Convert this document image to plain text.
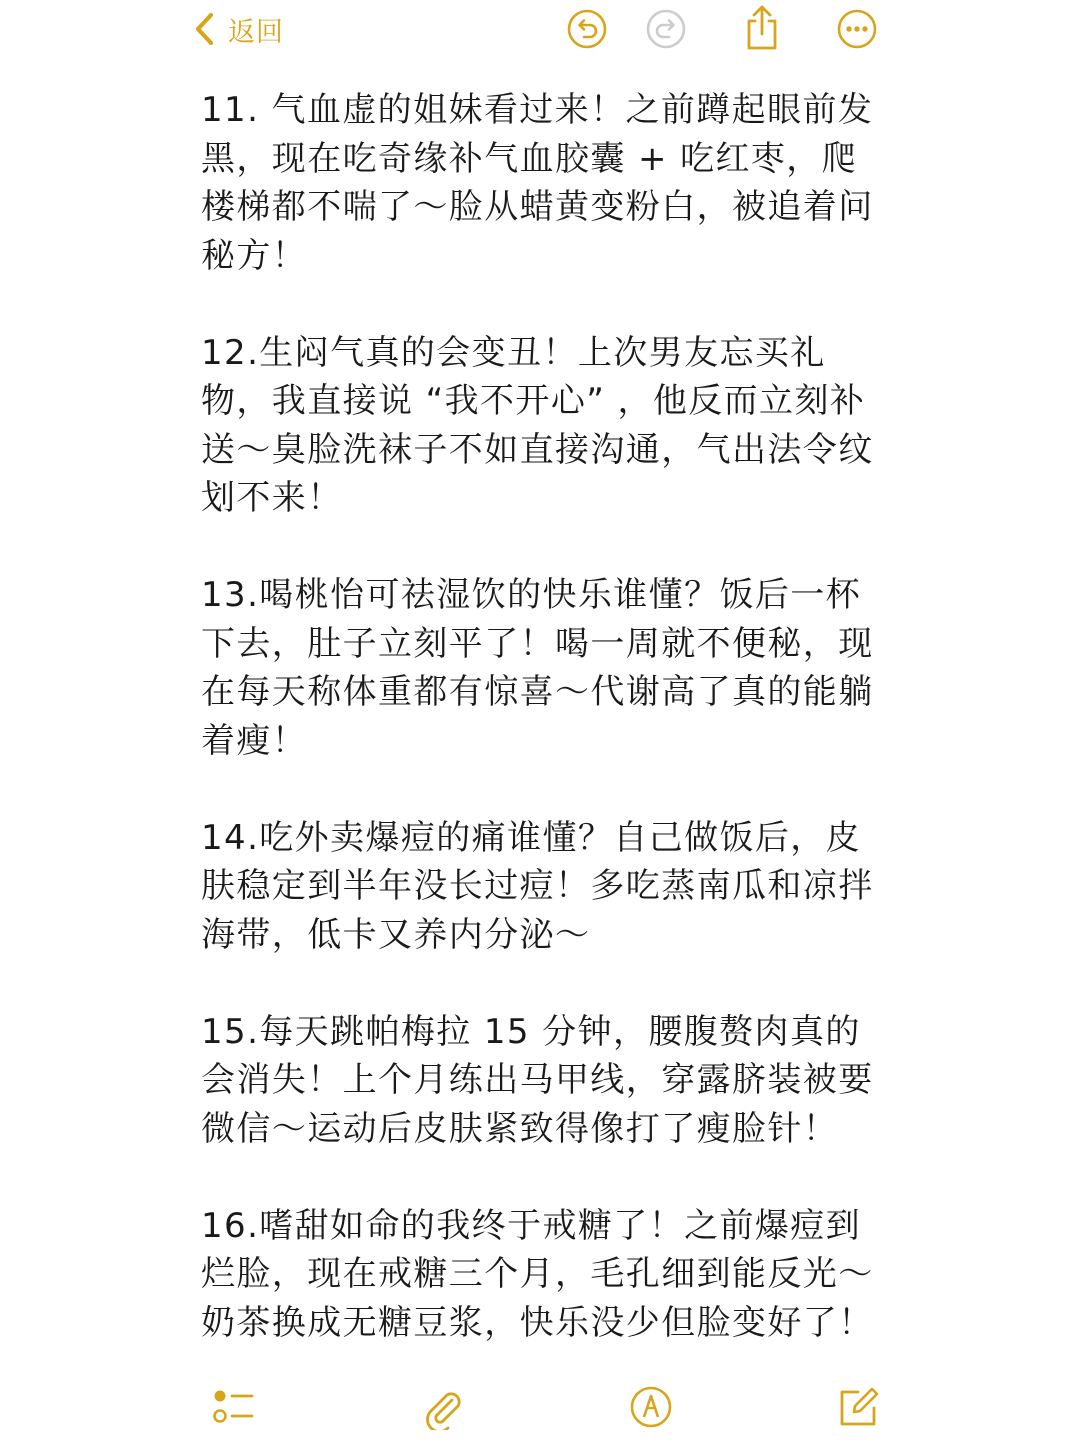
返回

11. 气血虚的姐妹看过来！之前蹲起眼前发黑，现在吃奇缘补气血胶囊 + 吃红枣，爬楼梯都不喘了～脸从蜡黄变粉白，被追着问秘方！

12.生闷气真的会变丑！上次男友忘买礼物，我直接说 “我不开心” ，他反而立刻补送～臭脸洗袜子不如直接沟通，气出法令纹划不来！

13.喝桃怡可祛湿饮的快乐谁懂？饭后一杯下去，肚子立刻平了！喝一周就不便秘，现在每天称体重都有惊喜～代谢高了真的能躺着瘦！

14.吃外卖爆痘的痛谁懂？自己做饭后，皮肤稳定到半年没长过痘！多吃蒸南瓜和凉拌海带，低卡又养内分泌～

15.每天跳帕梅拉 15 分钟，腰腹赘肉真的会消失！上个月练出马甲线，穿露脐装被要微信～运动后皮肤紧致得像打了瘦脸针！

16.嗜甜如命的我终于戒糖了！之前爆痘到烂脸，现在戒糖三个月，毛孔细到能反光～奶茶换成无糖豆浆，快乐没少但脸变好了！
